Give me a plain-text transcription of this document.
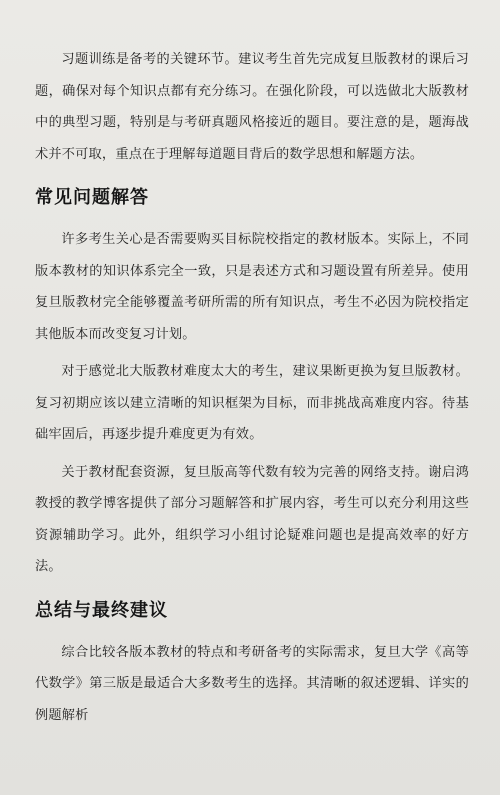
习题训练是备考的关键环节。建议考生首先完成复旦版教材的课后习题，确保对每个知识点都有充分练习。在强化阶段，可以选做北大版教材中的典型习题，特别是与考研真题风格接近的题目。要注意的是，题海战术并不可取，重点在于理解每道题目背后的数学思想和解题方法。

常见问题解答

许多考生关心是否需要购买目标院校指定的教材版本。实际上，不同版本教材的知识体系完全一致，只是表述方式和习题设置有所差异。使用复旦版教材完全能够覆盖考研所需的所有知识点，考生不必因为院校指定其他版本而改变复习计划。

对于感觉北大版教材难度太大的考生，建议果断更换为复旦版教材。复习初期应该以建立清晰的知识框架为目标，而非挑战高难度内容。待基础牢固后，再逐步提升难度更为有效。

关于教材配套资源，复旦版高等代数有较为完善的网络支持。谢启鸿教授的教学博客提供了部分习题解答和扩展内容，考生可以充分利用这些资源辅助学习。此外，组织学习小组讨论疑难问题也是提高效率的好方法。

总结与最终建议

综合比较各版本教材的特点和考研备考的实际需求，复旦大学《高等代数学》第三版是最适合大多数考生的选择。其清晰的叙述逻辑、详实的例题解析
